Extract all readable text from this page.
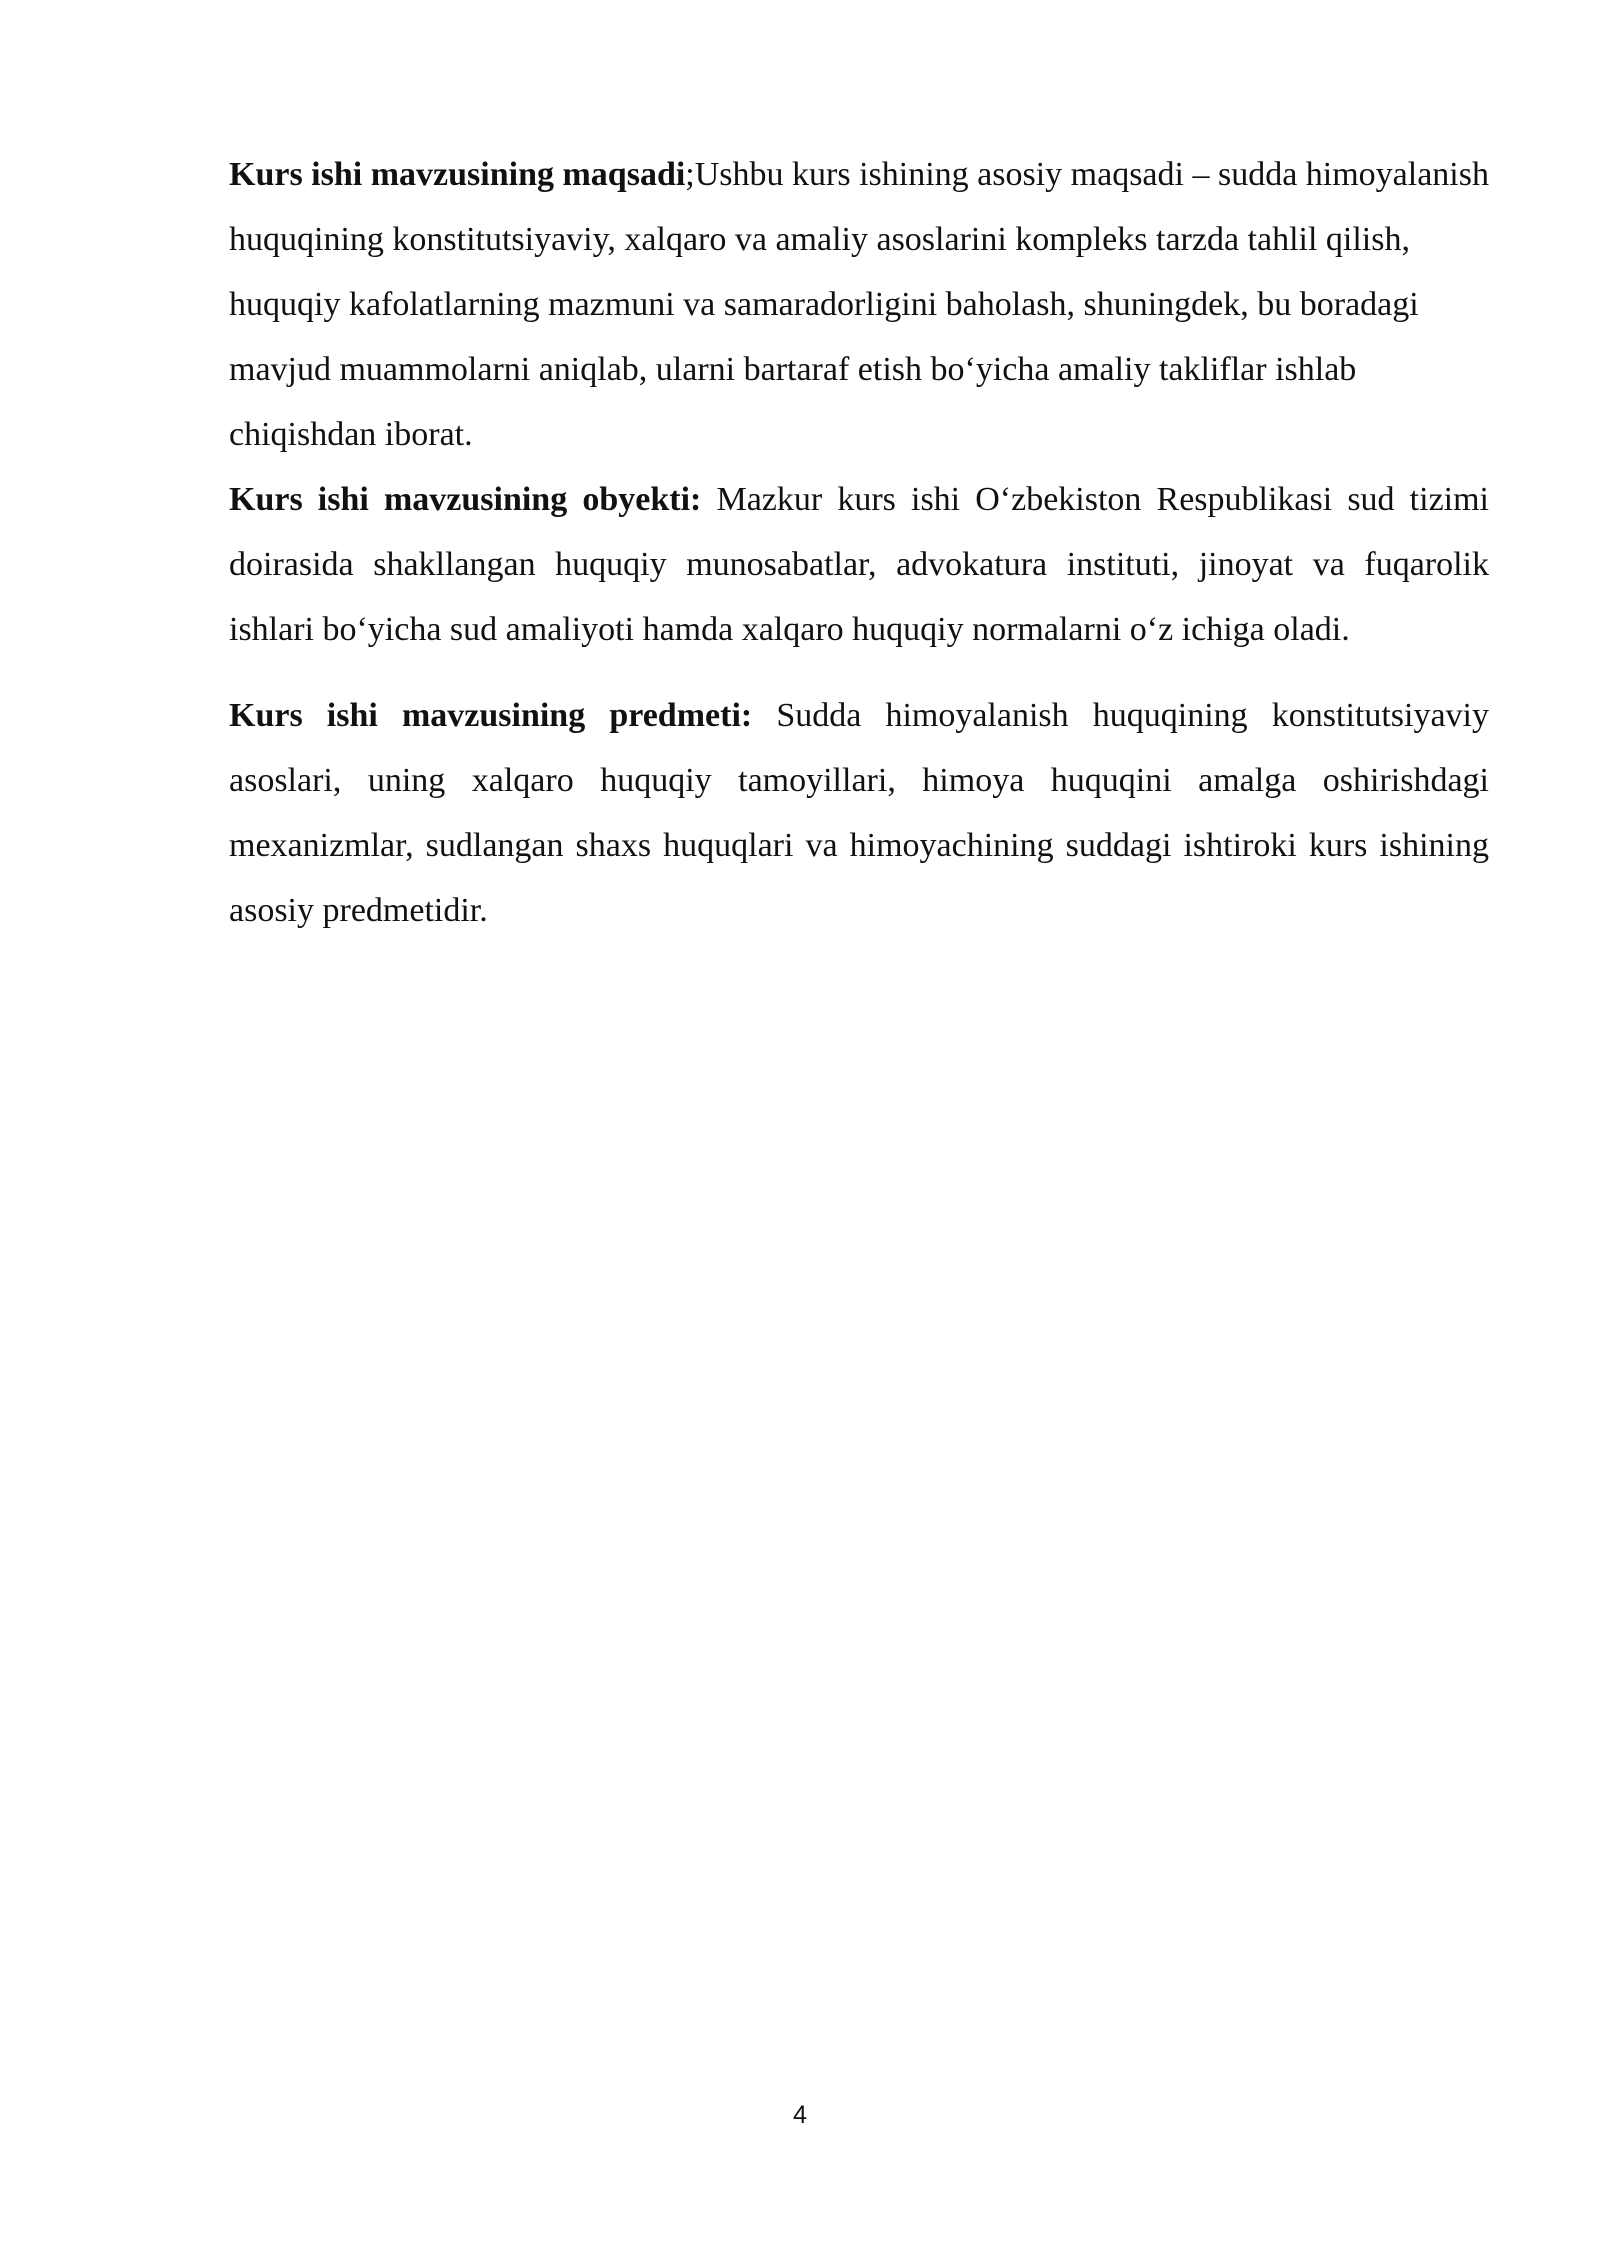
Kurs ishi mavzusining maqsadi;Ushbu kurs ishining asosiy maqsadi – sudda himoyalanish huquqining konstitutsiyaviy, xalqaro va amaliy asoslarini kompleks tarzda tahlil qilish, huquqiy kafolatlarning mazmuni va samaradorligini baholash, shuningdek, bu boradagi mavjud muammolarni aniqlab, ularni bartaraf etish bo‘yicha amaliy takliflar ishlab chiqishdan iborat.

Kurs ishi mavzusining obyekti: Mazkur kurs ishi O‘zbekiston Respublikasi sud tizimi doirasida shakllangan huquqiy munosabatlar, advokatura instituti, jinoyat va fuqarolik ishlari bo‘yicha sud amaliyoti hamda xalqaro huquqiy normalarni o‘z ichiga oladi.

Kurs ishi mavzusining predmeti: Sudda himoyalanish huquqining konstitutsiyaviy asoslari, uning xalqaro huquqiy tamoyillari, himoya huquqini amalga oshirishdagi mexanizmlar, sudlangan shaxs huquqlari va himoyachining suddagi ishtiroki kurs ishining asosiy predmetidir.

4
